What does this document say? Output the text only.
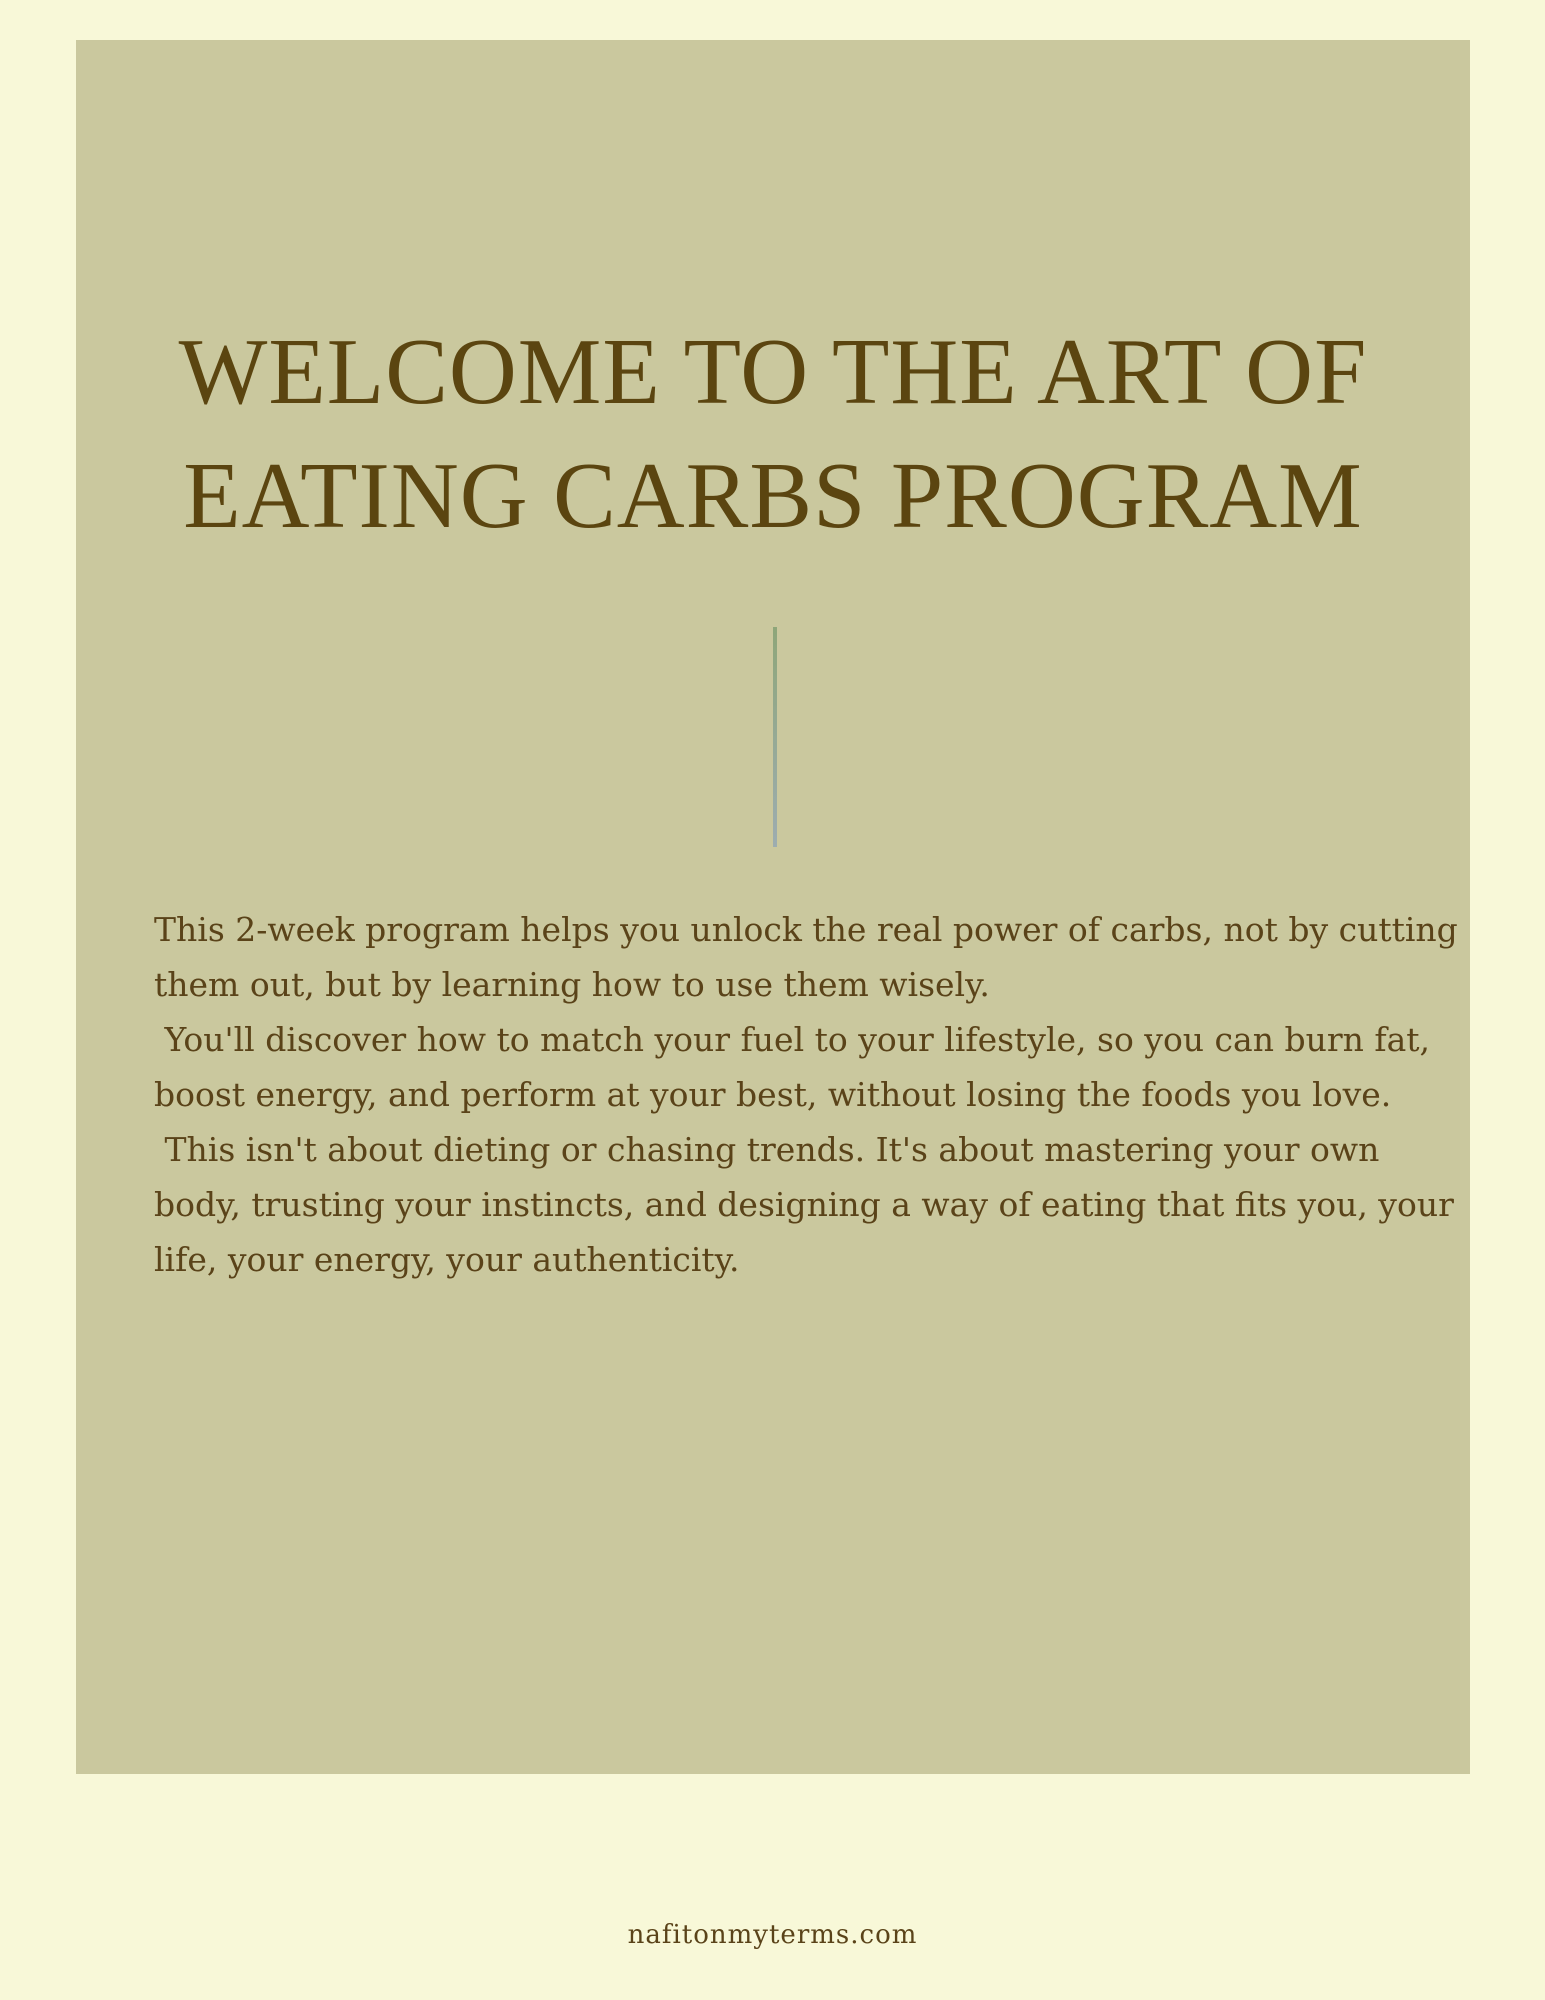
WELCOME TO THE ART OF
EATING CARBS PROGRAM

This 2-week program helps you unlock the real power of carbs, not by cutting them out, but by learning how to use them wisely.

You'll discover how to match your fuel to your lifestyle, so you can burn fat, boost energy, and perform at your best, without losing the foods you love.

This isn't about dieting or chasing trends. It's about mastering your own body, trusting your instincts, and designing a way of eating that fits you, your life, your energy, your authenticity.

nafitonmyterms.com
